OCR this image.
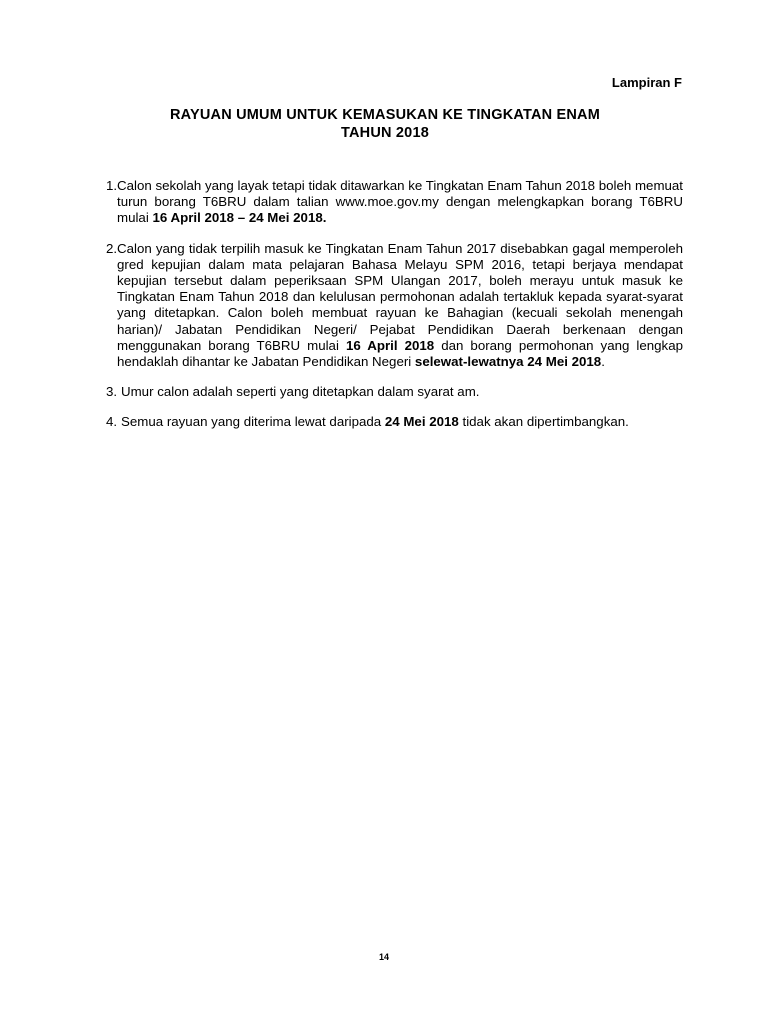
Lampiran F
RAYUAN UMUM UNTUK KEMASUKAN KE TINGKATAN ENAM
TAHUN 2018
1. Calon sekolah yang layak tetapi tidak ditawarkan ke Tingkatan Enam Tahun 2018 boleh memuat turun borang T6BRU dalam talian www.moe.gov.my dengan melengkapkan borang T6BRU mulai 16 April 2018 – 24 Mei 2018.
2. Calon yang tidak terpilih masuk ke Tingkatan Enam Tahun 2017 disebabkan gagal memperoleh gred kepujian dalam mata pelajaran Bahasa Melayu SPM 2016, tetapi berjaya mendapat kepujian tersebut dalam peperiksaan SPM Ulangan 2017, boleh merayu untuk masuk ke Tingkatan Enam Tahun 2018 dan kelulusan permohonan adalah tertakluk kepada syarat-syarat yang ditetapkan. Calon boleh membuat rayuan ke Bahagian (kecuali sekolah menengah harian)/ Jabatan Pendidikan Negeri/ Pejabat Pendidikan Daerah berkenaan dengan menggunakan borang T6BRU mulai 16 April 2018 dan borang permohonan yang lengkap hendaklah dihantar ke Jabatan Pendidikan Negeri selewat-lewatnya 24 Mei 2018.
3. Umur calon adalah seperti yang ditetapkan dalam syarat am.
4. Semua rayuan yang diterima lewat daripada 24 Mei 2018 tidak akan dipertimbangkan.
14
